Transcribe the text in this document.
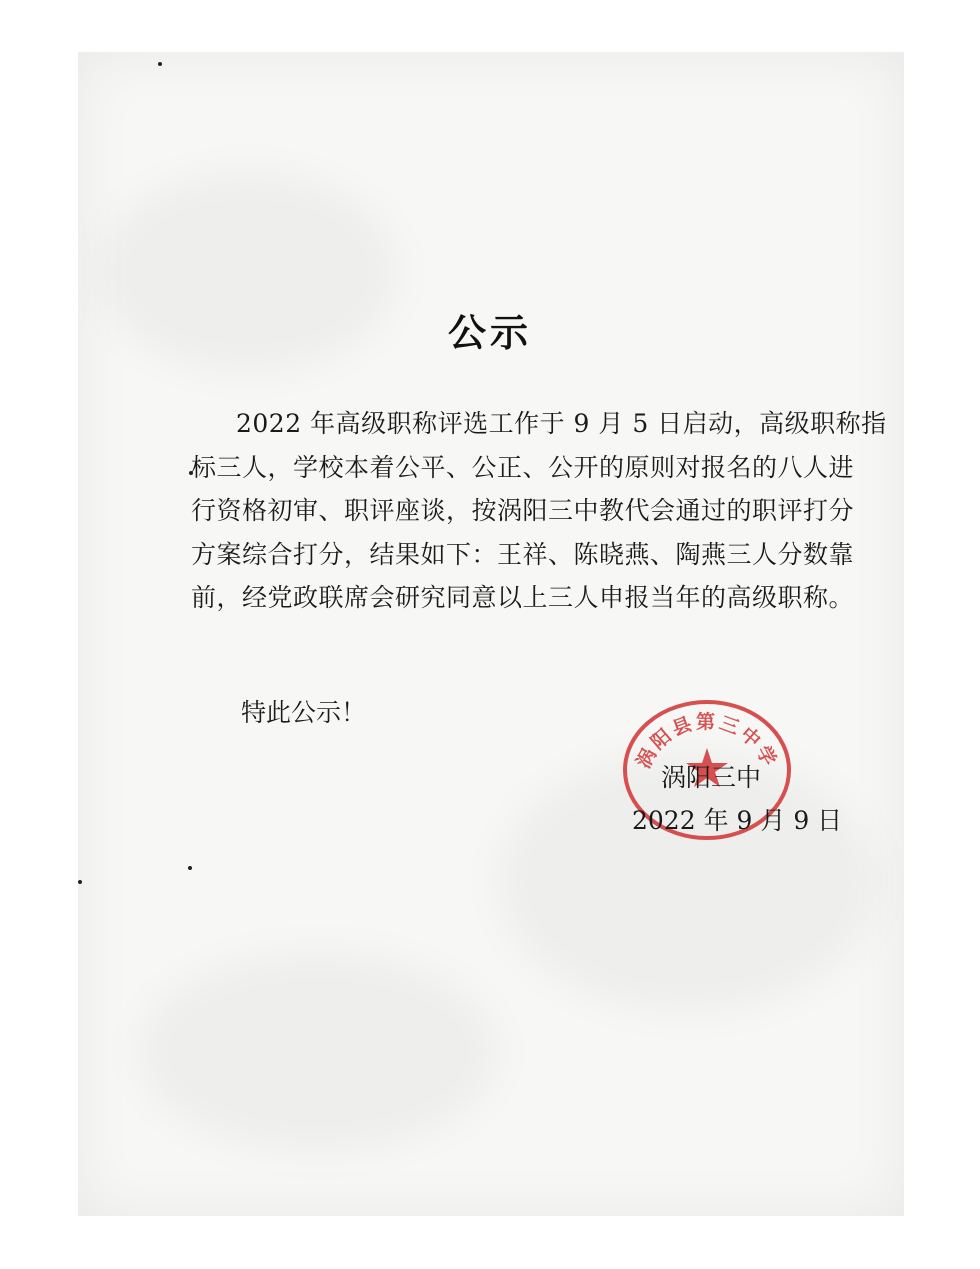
公示
2022 年高级职称评选工作于 9 月 5 日启动，高级职称指
标三人，学校本着公平、公正、公开的原则对报名的八人进
行资格初审、职评座谈，按涡阳三中教代会通过的职评打分
方案综合打分，结果如下：王祥、陈晓燕、陶燕三人分数靠
前，经党政联席会研究同意以上三人申报当年的高级职称。
特此公示！
涡阳县第三中学
涡阳三中
2022 年 9 月 9 日
